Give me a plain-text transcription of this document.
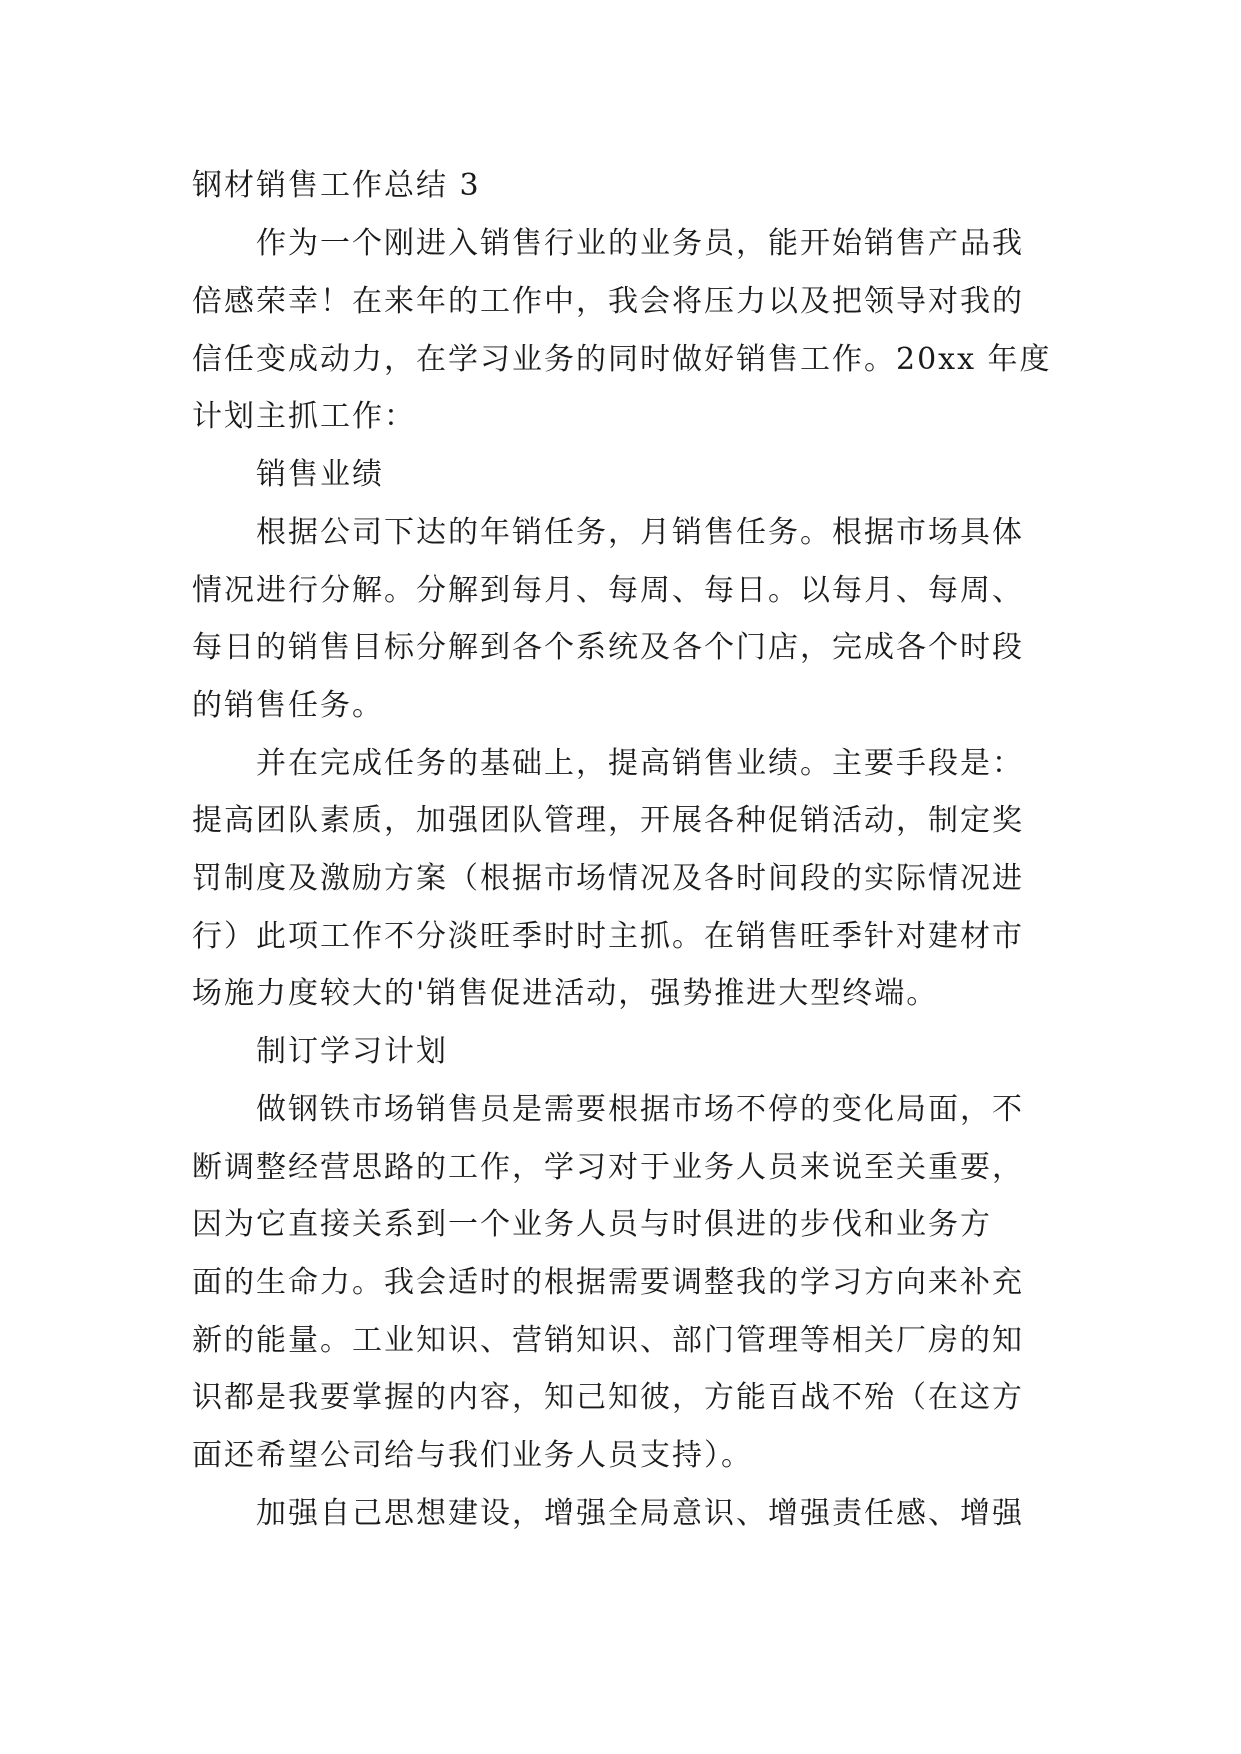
钢材销售工作总结 3
作为一个刚进入销售行业的业务员，能开始销售产品我
倍感荣幸！在来年的工作中，我会将压力以及把领导对我的
信任变成动力，在学习业务的同时做好销售工作。20xx 年度
计划主抓工作：
销售业绩
根据公司下达的年销任务，月销售任务。根据市场具体
情况进行分解。分解到每月、每周、每日。以每月、每周、
每日的销售目标分解到各个系统及各个门店，完成各个时段
的销售任务。
并在完成任务的基础上，提高销售业绩。主要手段是：
提高团队素质，加强团队管理，开展各种促销活动，制定奖
罚制度及激励方案（根据市场情况及各时间段的实际情况进
行）此项工作不分淡旺季时时主抓。在销售旺季针对建材市
场施力度较大的'销售促进活动，强势推进大型终端。
制订学习计划
做钢铁市场销售员是需要根据市场不停的变化局面，不
断调整经营思路的工作，学习对于业务人员来说至关重要，
因为它直接关系到一个业务人员与时俱进的步伐和业务方
面的生命力。我会适时的根据需要调整我的学习方向来补充
新的能量。工业知识、营销知识、部门管理等相关厂房的知
识都是我要掌握的内容，知己知彼，方能百战不殆（在这方
面还希望公司给与我们业务人员支持）。
加强自己思想建设，增强全局意识、增强责任感、增强
